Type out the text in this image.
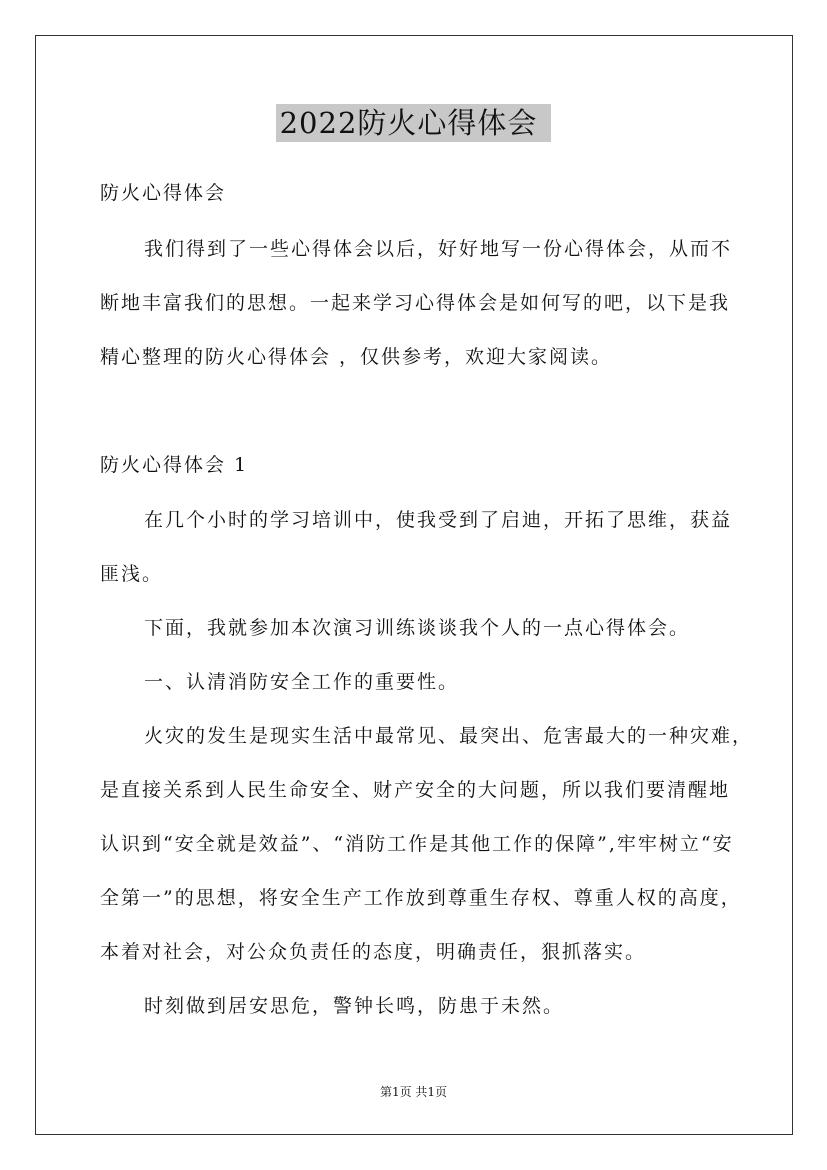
2022防火心得体会
防火心得体会
我们得到了一些心得体会以后，好好地写一份心得体会，从而不
断地丰富我们的思想。一起来学习心得体会是如何写的吧，以下是我
精心整理的防火心得体会 ，仅供参考，欢迎大家阅读。
防火心得体会 1
在几个小时的学习培训中，使我受到了启迪，开拓了思维，获益
匪浅。
下面，我就参加本次演习训练谈谈我个人的一点心得体会。
一、认清消防安全工作的重要性。
火灾的发生是现实生活中最常见、最突出、危害最大的一种灾难，
是直接关系到人民生命安全、财产安全的大问题，所以我们要清醒地
认识到“安全就是效益”、“消防工作是其他工作的保障”,牢牢树立“安
全第一”的思想，将安全生产工作放到尊重生存权、尊重人权的高度，
本着对社会，对公众负责任的态度，明确责任，狠抓落实。
时刻做到居安思危，警钟长鸣，防患于未然。
第1页 共1页
